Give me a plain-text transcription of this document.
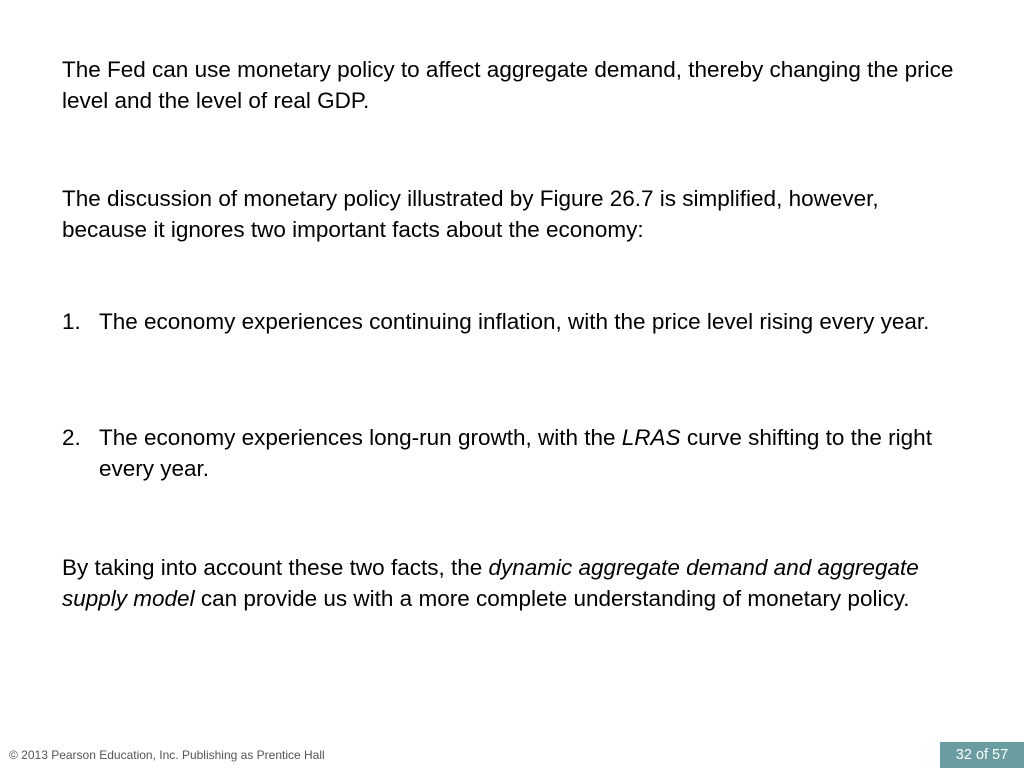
The Fed can use monetary policy to affect aggregate demand, thereby changing the price level and the level of real GDP.

The discussion of monetary policy illustrated by Figure 26.7 is simplified, however, because it ignores two important facts about the economy:

1. The economy experiences continuing inflation, with the price level rising every year.
2. The economy experiences long-run growth, with the LRAS curve shifting to the right every year.

By taking into account these two facts, the dynamic aggregate demand and aggregate supply model can provide us with a more complete understanding of monetary policy.

© 2013 Pearson Education, Inc. Publishing as Prentice Hall	32 of 57
